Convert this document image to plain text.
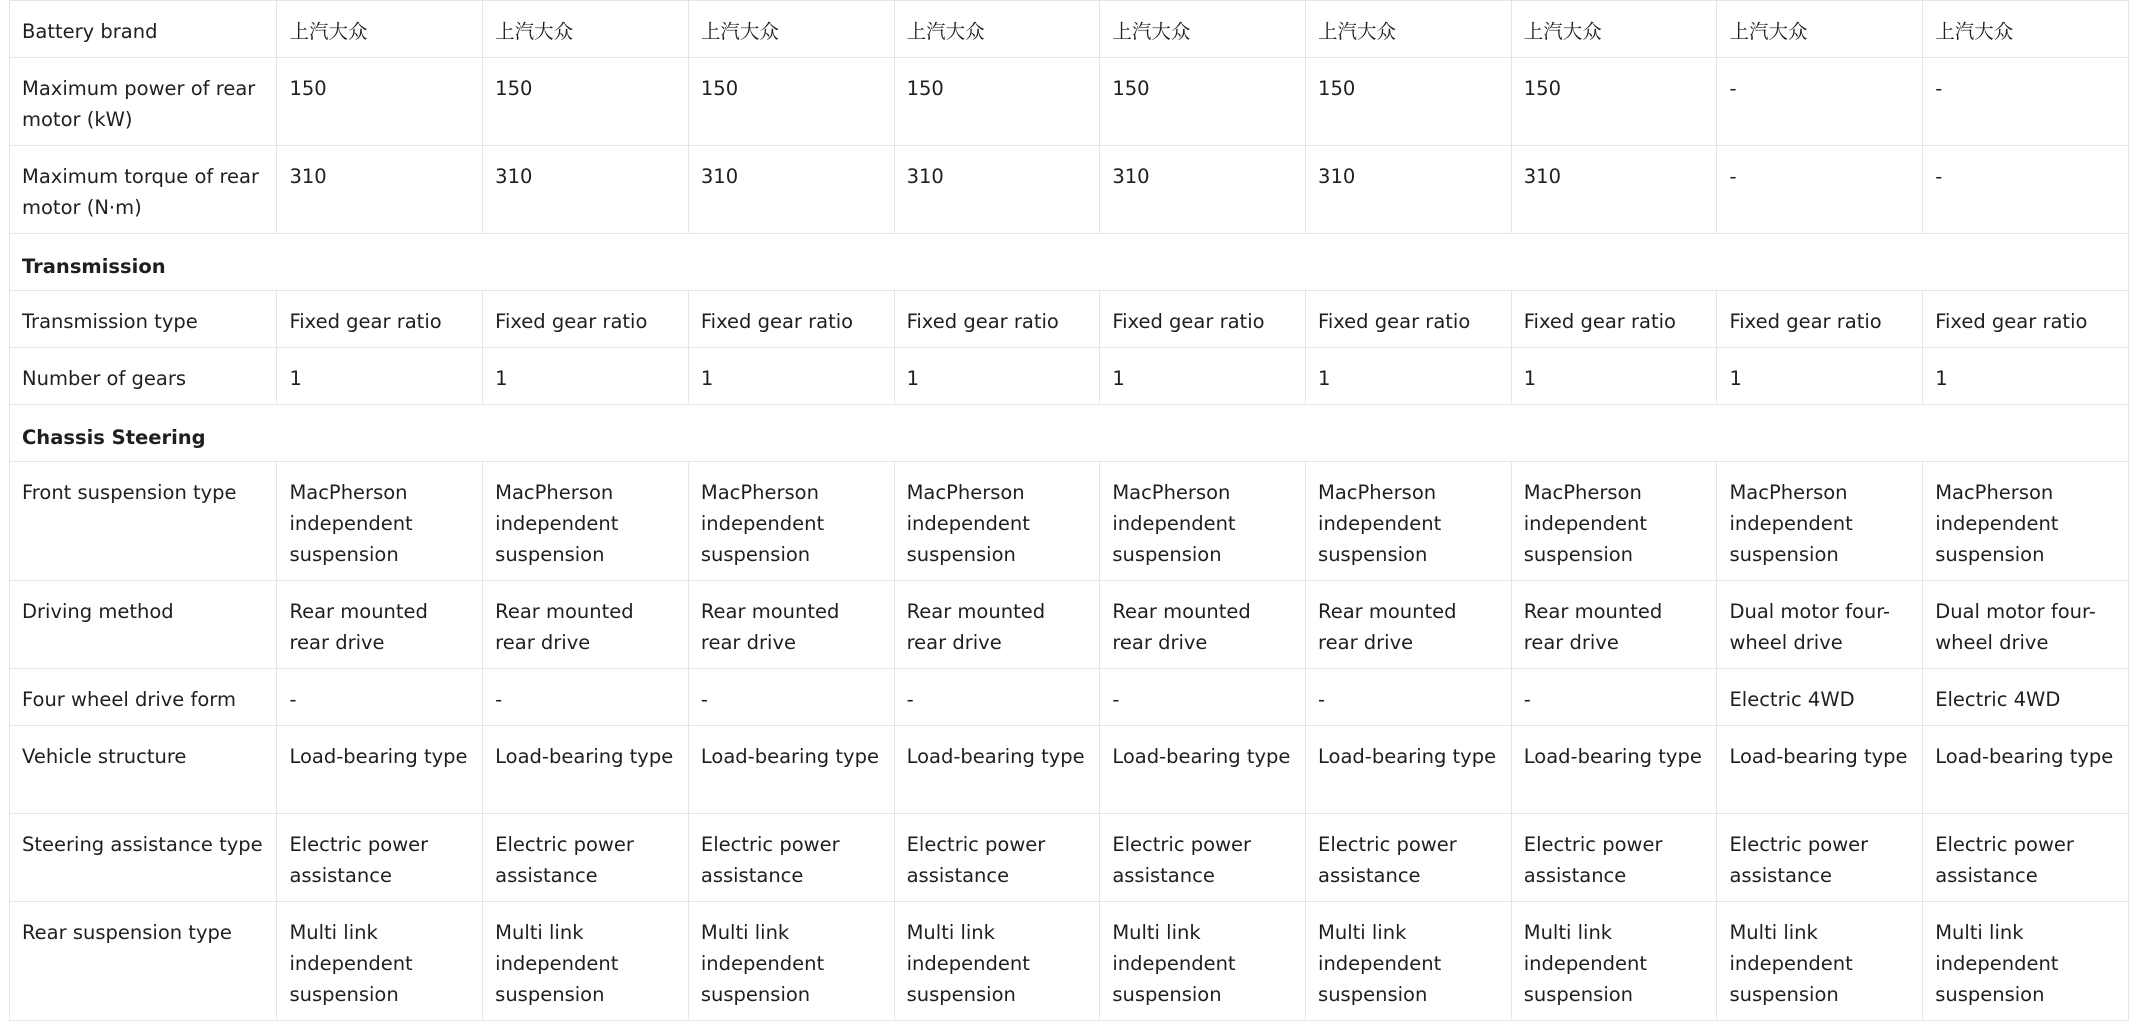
Battery brand	上汽大众	上汽大众	上汽大众	上汽大众	上汽大众	上汽大众	上汽大众	上汽大众	上汽大众
Maximum power of rear motor (kW)	150	150	150	150	150	150	150	-	-
Maximum torque of rear motor (N·m)	310	310	310	310	310	310	310	-	-
Transmission									
Transmission type	Fixed gear ratio	Fixed gear ratio	Fixed gear ratio	Fixed gear ratio	Fixed gear ratio	Fixed gear ratio	Fixed gear ratio	Fixed gear ratio	Fixed gear ratio
Number of gears	1	1	1	1	1	1	1	1	1
Chassis Steering									
Front suspension type	MacPherson independent suspension	MacPherson independent suspension	MacPherson independent suspension	MacPherson independent suspension	MacPherson independent suspension	MacPherson independent suspension	MacPherson independent suspension	MacPherson independent suspension	MacPherson independent suspension
Driving method	Rear mounted rear drive	Rear mounted rear drive	Rear mounted rear drive	Rear mounted rear drive	Rear mounted rear drive	Rear mounted rear drive	Rear mounted rear drive	Dual motor four-wheel drive	Dual motor four-wheel drive
Four wheel drive form	-	-	-	-	-	-	-	Electric 4WD	Electric 4WD
Vehicle structure	Load-bearing type	Load-bearing type	Load-bearing type	Load-bearing type	Load-bearing type	Load-bearing type	Load-bearing type	Load-bearing type	Load-bearing type
Steering assistance type	Electric power assistance	Electric power assistance	Electric power assistance	Electric power assistance	Electric power assistance	Electric power assistance	Electric power assistance	Electric power assistance	Electric power assistance
Rear suspension type	Multi link independent suspension	Multi link independent suspension	Multi link independent suspension	Multi link independent suspension	Multi link independent suspension	Multi link independent suspension	Multi link independent suspension	Multi link independent suspension	Multi link independent suspension
